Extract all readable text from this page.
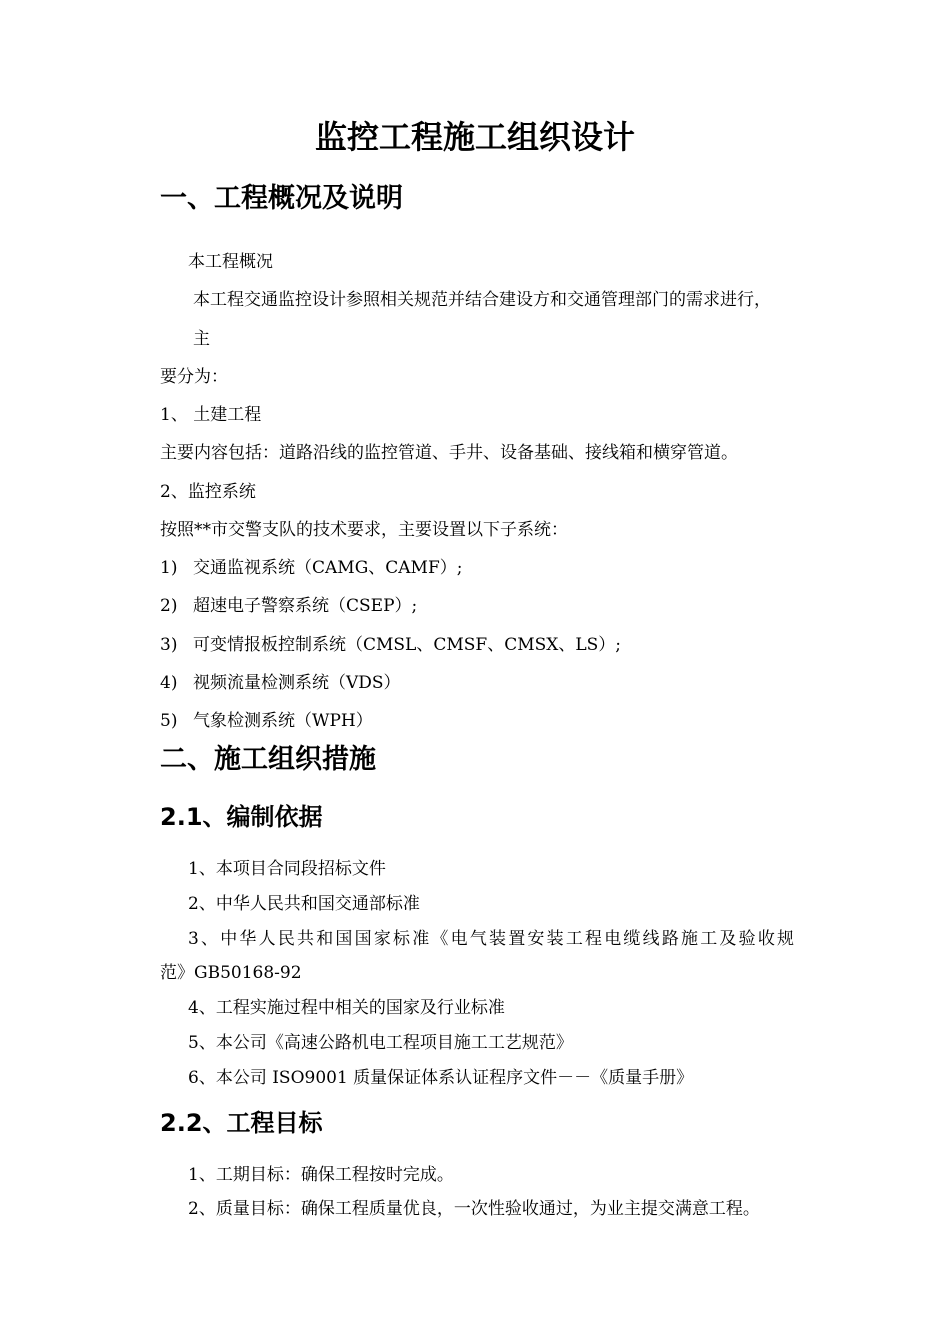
监控工程施工组织设计
一、工程概况及说明

本工程概况

本工程交通监控设计参照相关规范并结合建设方和交通管理部门的需求进行，

主

要分为：

1、 土建工程

主要内容包括：道路沿线的监控管道、手井、设备基础、接线箱和横穿管道。

2、监控系统

按照**市交警支队的技术要求，主要设置以下子系统：

1) 交通监视系统（CAMG、CAMF）;

2) 超速电子警察系统（CSEP）;

3) 可变情报板控制系统（CMSL、CMSF、CMSX、LS）;

4) 视频流量检测系统（VDS）

5) 气象检测系统（WPH）

二、施工组织措施
2.1、编制依据

1、本项目合同段招标文件

2、中华人民共和国交通部标准

3、中华人民共和国国家标准《电气装置安装工程电缆线路施工及验收规

范》GB50168-92

4、工程实施过程中相关的国家及行业标准

5、本公司《高速公路机电工程项目施工工艺规范》

6、本公司 ISO9001 质量保证体系认证程序文件－－《质量手册》

2.2、工程目标

1、工期目标：确保工程按时完成。

2、质量目标：确保工程质量优良，一次性验收通过，为业主提交满意工程。
